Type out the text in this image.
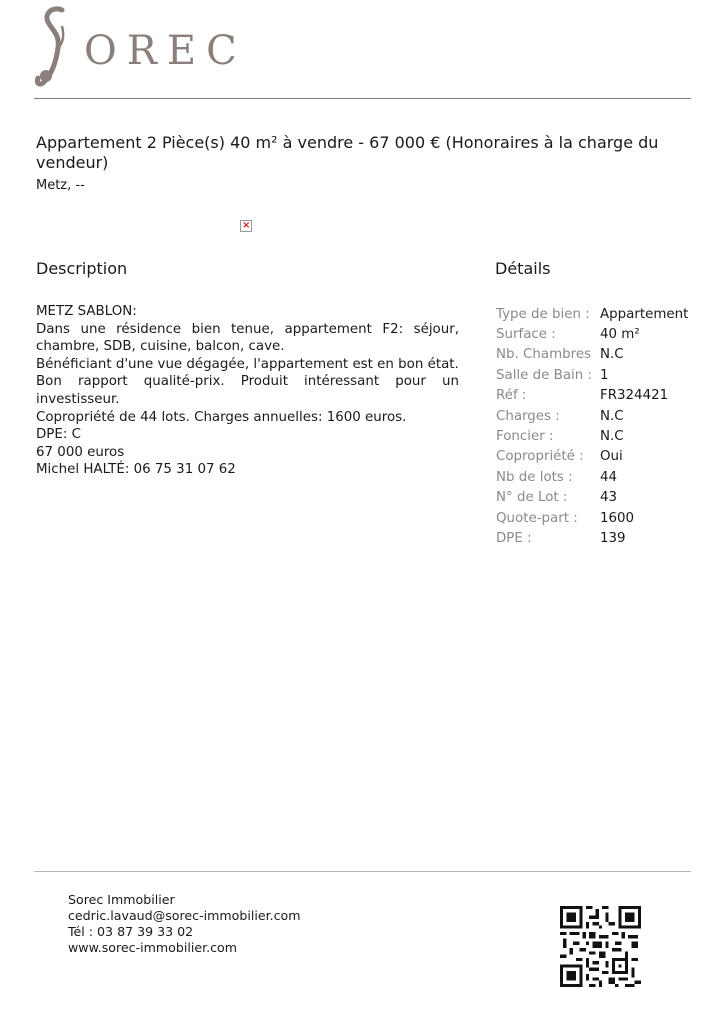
OREC
Appartement 2 Pièce(s) 40 m² à vendre - 67 000 € (Honoraires à la charge du vendeur)
Metz, --
×
Description	Détails
METZ SABLON:
Dans une résidence bien tenue, appartement F2: séjour, chambre, SDB, cuisine, balcon, cave.
Bénéficiant d'une vue dégagée, l'appartement est en bon état.
Bon rapport qualité-prix. Produit intéressant pour un investisseur.
Copropriété de 44 lots. Charges annuelles: 1600 euros.
DPE: C
67 000 euros
Michel HALTÉ: 06 75 31 07 62
Type de bien :	Appartement
Surface :	40 m²
Nb. Chambres	N.C
Salle de Bain :	1
Réf :	FR324421
Charges :	N.C
Foncier :	N.C
Copropriété :	Oui
Nb de lots :	44
N° de Lot :	43
Quote-part :	1600
DPE :	139
Sorec Immobilier
cedric.lavaud@sorec-immobilier.com
Tél : 03 87 39 33 02
www.sorec-immobilier.com
